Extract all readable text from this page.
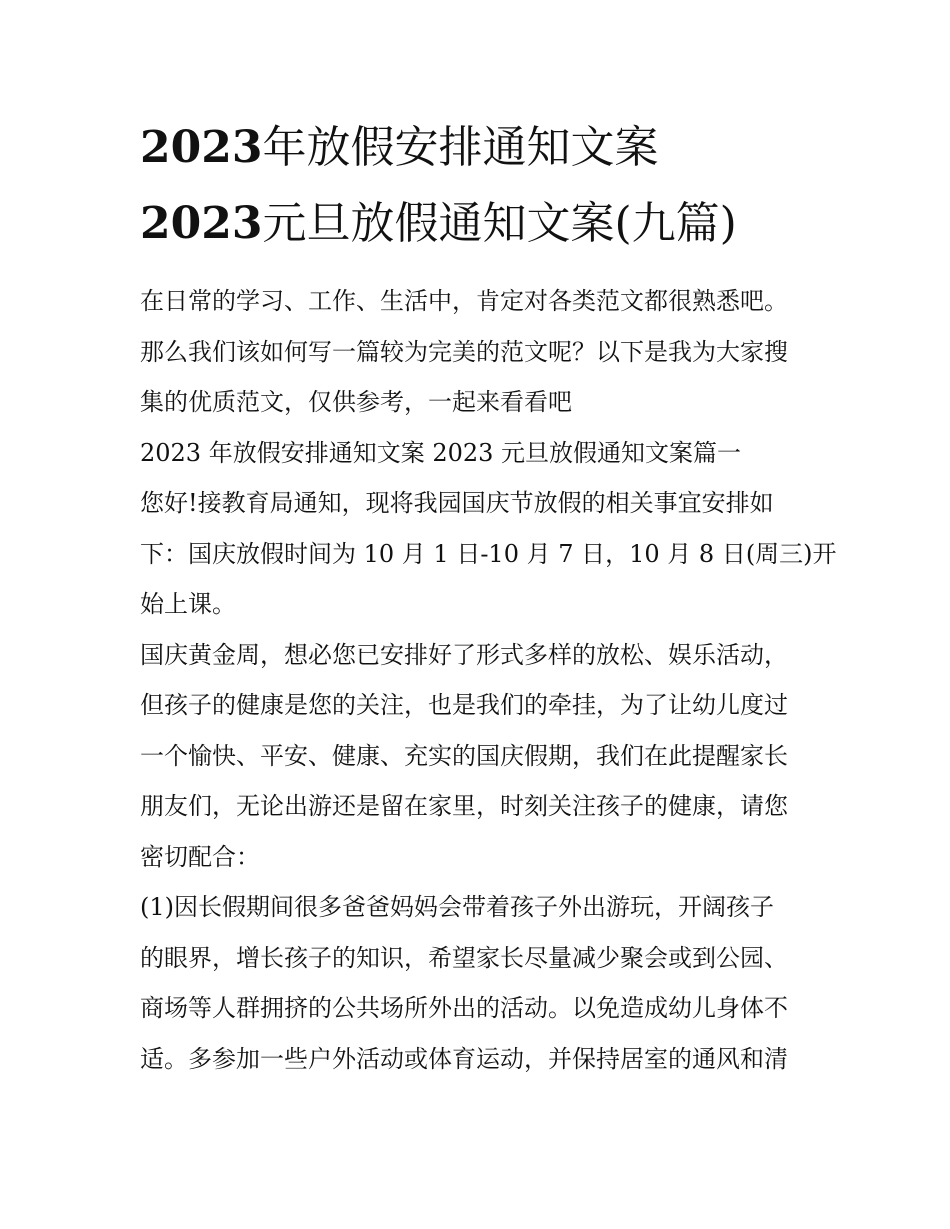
2023年放假安排通知文案
2023元旦放假通知文案(九篇)
在日常的学习、工作、生活中，肯定对各类范文都很熟悉吧。
那么我们该如何写一篇较为完美的范文呢？以下是我为大家搜
集的优质范文，仅供参考，一起来看看吧
2023 年放假安排通知文案 2023 元旦放假通知文案篇一
您好!接教育局通知，现将我园国庆节放假的相关事宜安排如
下：国庆放假时间为 10 月 1 日-10 月 7 日，10 月 8 日(周三)开
始上课。
国庆黄金周，想必您已安排好了形式多样的放松、娱乐活动，
但孩子的健康是您的关注，也是我们的牵挂，为了让幼儿度过
一个愉快、平安、健康、充实的国庆假期，我们在此提醒家长
朋友们，无论出游还是留在家里，时刻关注孩子的健康，请您
密切配合：
(1)因长假期间很多爸爸妈妈会带着孩子外出游玩，开阔孩子
的眼界，增长孩子的知识，希望家长尽量减少聚会或到公园、
商场等人群拥挤的公共场所外出的活动。以免造成幼儿身体不
适。多参加一些户外活动或体育运动，并保持居室的通风和清
